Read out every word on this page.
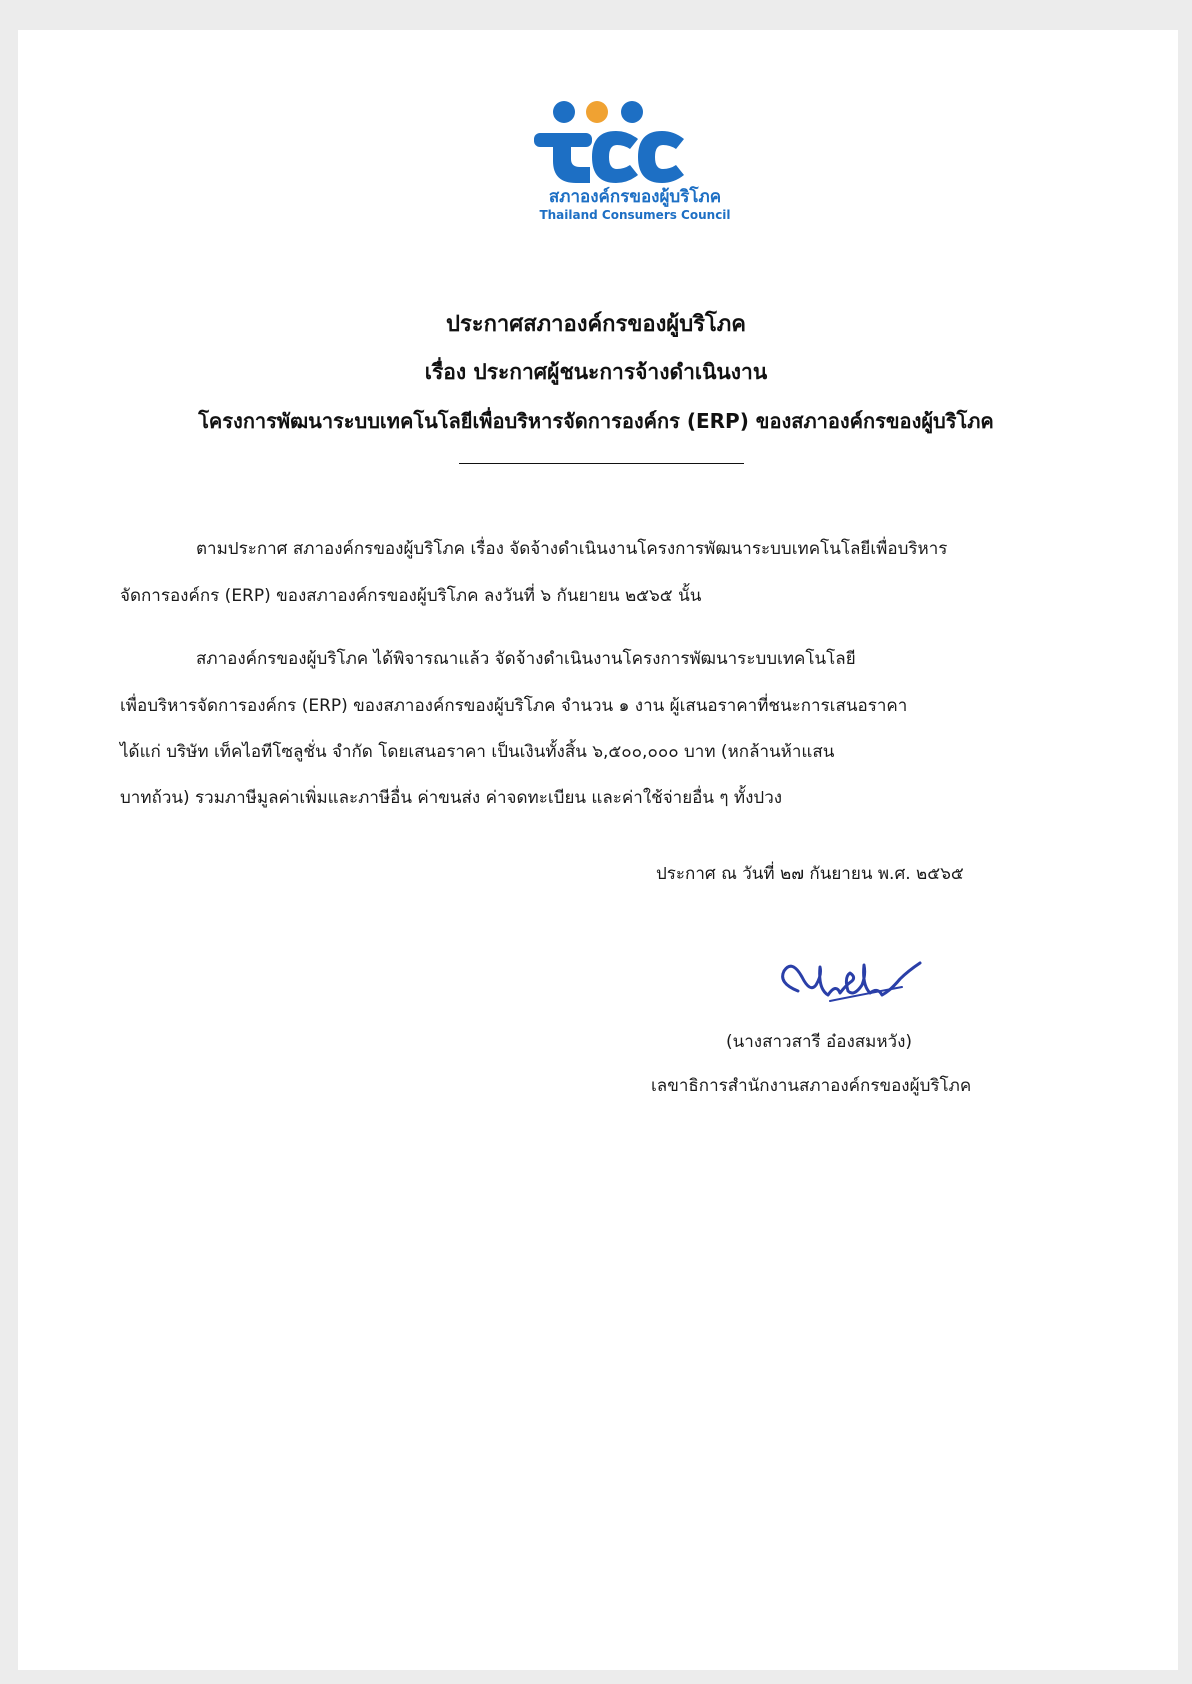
สภาองค์กรของผู้บริโภค
Thailand Consumers Council
ประกาศสภาองค์กรของผู้บริโภค
เรื่อง ประกาศผู้ชนะการจ้างดำเนินงาน
โครงการพัฒนาระบบเทคโนโลยีเพื่อบริหารจัดการองค์กร (ERP) ของสภาองค์กรของผู้บริโภค
ตามประกาศ สภาองค์กรของผู้บริโภค เรื่อง จัดจ้างดำเนินงานโครงการพัฒนาระบบเทคโนโลยีเพื่อบริหาร
จัดการองค์กร (ERP) ของสภาองค์กรของผู้บริโภค ลงวันที่ ๖ กันยายน ๒๕๖๕ นั้น
สภาองค์กรของผู้บริโภค ได้พิจารณาแล้ว จัดจ้างดำเนินงานโครงการพัฒนาระบบเทคโนโลยี
เพื่อบริหารจัดการองค์กร (ERP) ของสภาองค์กรของผู้บริโภค จำนวน ๑ งาน ผู้เสนอราคาที่ชนะการเสนอราคา
ได้แก่ บริษัท เท็คไอทีโซลูชั่น จำกัด โดยเสนอราคา เป็นเงินทั้งสิ้น ๖,๕๐๐,๐๐๐ บาท (หกล้านห้าแสน
บาทถ้วน) รวมภาษีมูลค่าเพิ่มและภาษีอื่น ค่าขนส่ง ค่าจดทะเบียน และค่าใช้จ่ายอื่น ๆ ทั้งปวง
ประกาศ ณ วันที่ ๒๗ กันยายน พ.ศ. ๒๕๖๕
(นางสาวสารี อ๋องสมหวัง)
เลขาธิการสำนักงานสภาองค์กรของผู้บริโภค
